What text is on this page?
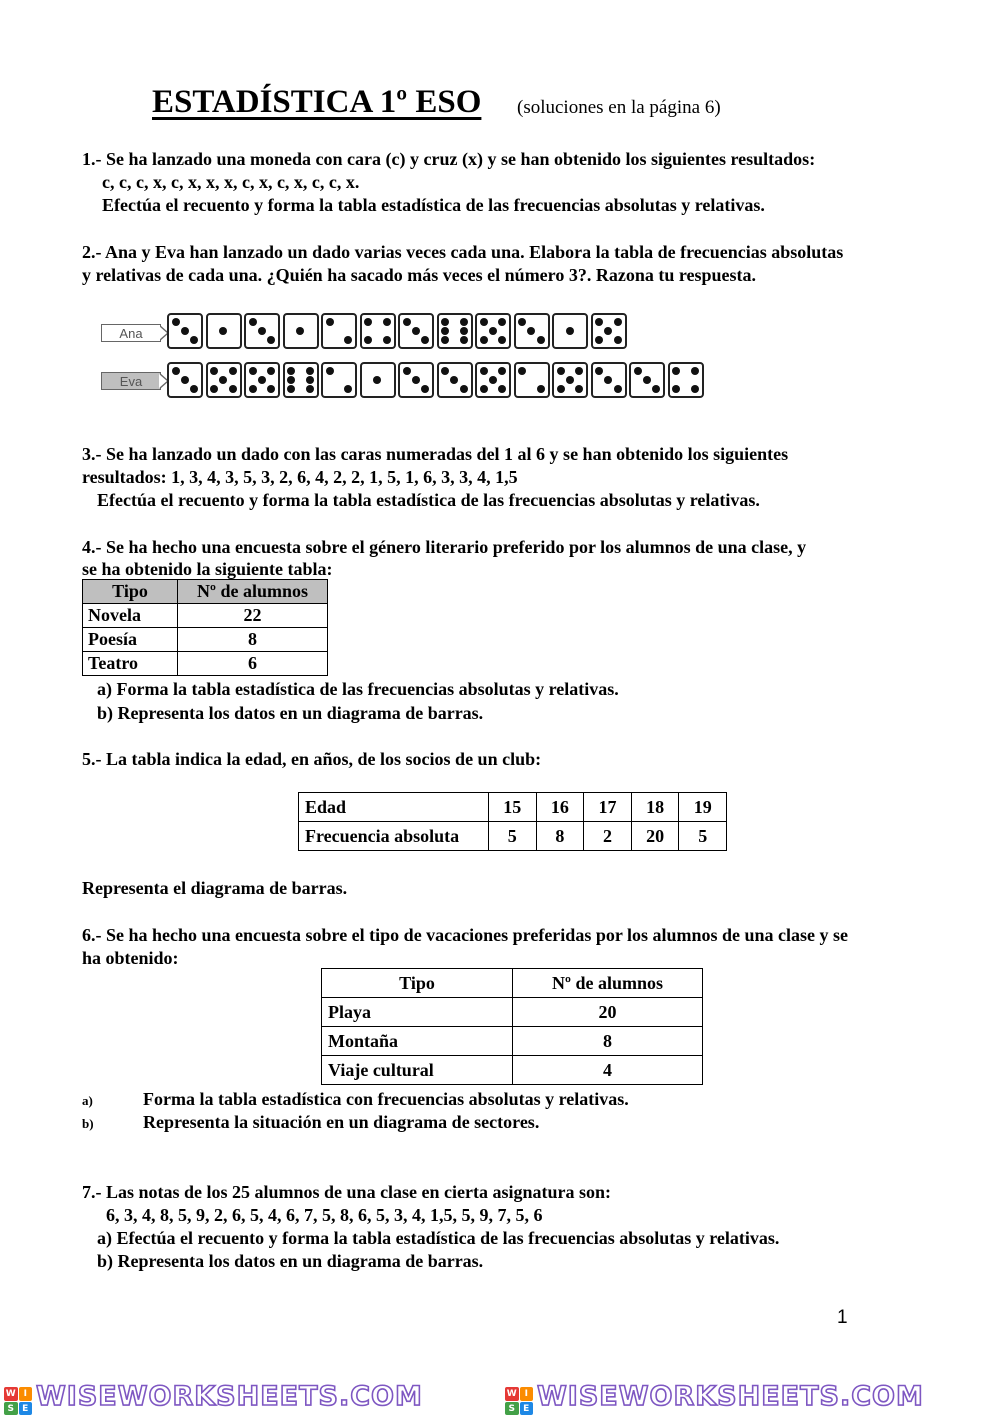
ESTADÍSTICA 1º ESO (soluciones en la página 6)
1.- Se ha lanzado una moneda con cara (c) y cruz (x) y se han obtenido los siguientes resultados:
c, c, c, x, c, x, x, x, c, x, c, x, c, c, x.
Efectúa el recuento y forma la tabla estadística de las frecuencias absolutas y relativas.
2.- Ana y Eva han lanzado un dado varias veces cada una. Elabora la tabla de frecuencias absolutas
y relativas de cada una. ¿Quién ha sacado más veces el número 3?. Razona tu respuesta.
Ana
Eva
3.- Se ha lanzado un dado con las caras numeradas del 1 al 6 y se han obtenido los siguientes
resultados: 1, 3, 4, 3, 5, 3, 2, 6, 4, 2, 2, 1, 5, 1, 6, 3, 3, 4, 1,5
Efectúa el recuento y forma la tabla estadística de las frecuencias absolutas y relativas.
4.- Se ha hecho una encuesta sobre el género literario preferido por los alumnos de una clase, y
se ha obtenido la siguiente tabla:
Tipo	Nº de alumnos
Novela	22
Poesía	8
Teatro	6
a) Forma la tabla estadística de las frecuencias absolutas y relativas.
b) Representa los datos en un diagrama de barras.
5.- La tabla indica la edad, en años, de los socios de un club:
Edad	15	16	17	18	19
Frecuencia absoluta	5	8	2	20	5
Representa el diagrama de barras.
6.- Se ha hecho una encuesta sobre el tipo de vacaciones preferidas por los alumnos de una clase y se
ha obtenido:
Tipo	Nº de alumnos
Playa	20
Montaña	8
Viaje cultural	4
a)	Forma la tabla estadística con frecuencias absolutas y relativas.
b)	Representa la situación en un diagrama de sectores.
7.- Las notas de los 25 alumnos de una clase en cierta asignatura son:
6, 3, 4, 8, 5, 9, 2, 6, 5, 4, 6, 7, 5, 8, 6, 5, 3, 4, 1,5, 5, 9, 7, 5, 6
a) Efectúa el recuento y forma la tabla estadística de las frecuencias absolutas y relativas.
b) Representa los datos en un diagrama de barras.
1
W I
S E WISEWORKSHEETS.COM	W I
S E WISEWORKSHEETS.COM
